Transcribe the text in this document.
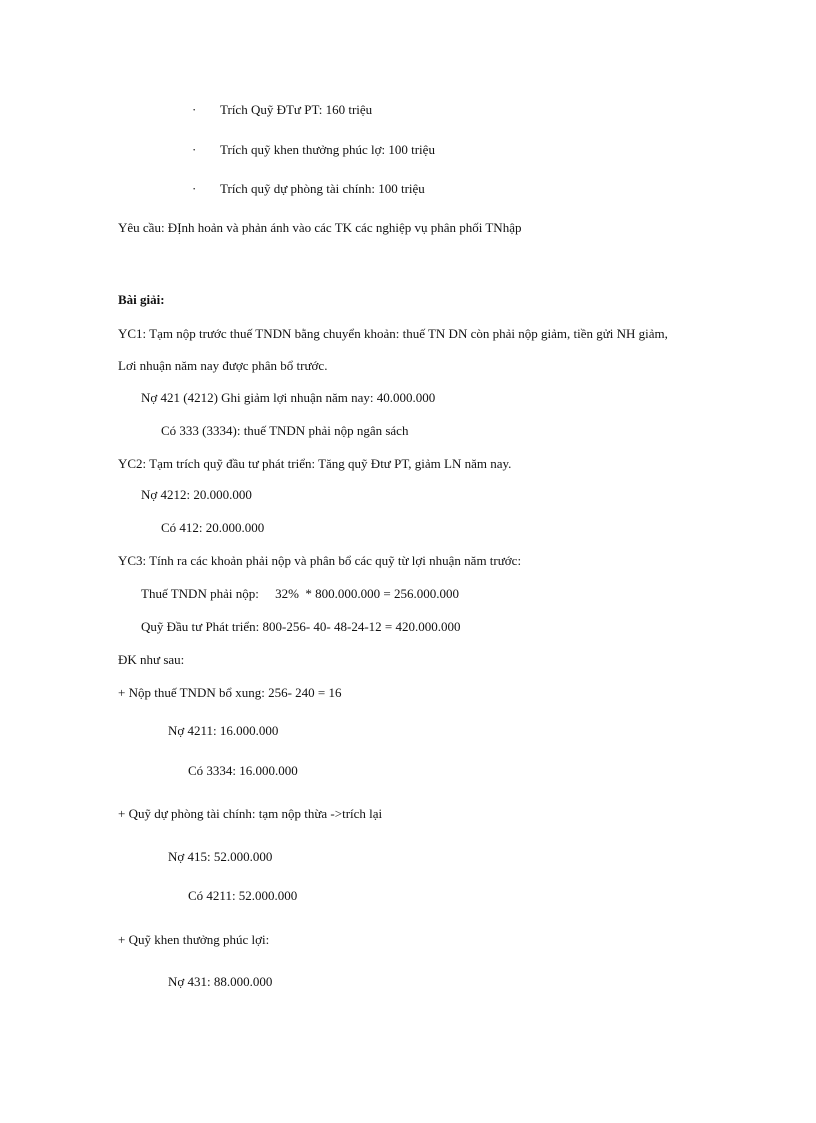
· Trích Quỹ ĐTư PT: 160 triệu
· Trích quỹ khen thưởng phúc lợ: 100 triệu
· Trích quỹ dự phòng tài chính: 100 triệu
Yêu cầu: ĐỊnh hoản và phản ánh vào các TK các nghiệp vụ phân phối TNhập
Bài giải:
YC1: Tạm nộp trước thuế TNDN bằng chuyển khoản: thuế TN DN còn phải nộp giảm, tiền gửi NH giảm,
Lơi nhuận năm nay được phân bổ trước.
Nợ 421 (4212) Ghi giảm lợi nhuận năm nay: 40.000.000
Có 333 (3334): thuế TNDN phải nộp ngân sách
YC2: Tạm trích quỹ đầu tư phát triển: Tăng quỹ Đtư PT, giảm LN năm nay.
Nợ 4212: 20.000.000
Có 412: 20.000.000
YC3: Tính ra các khoản phải nộp và phân bổ các quỹ từ lợi nhuận năm trước:
Thuế TNDN phải nộp:     32%  * 800.000.000 = 256.000.000
Quỹ Đầu tư Phát triển: 800-256- 40- 48-24-12 = 420.000.000
ĐK như sau:
+ Nộp thuế TNDN bổ xung: 256- 240 = 16
Nợ 4211: 16.000.000
Có 3334: 16.000.000
+ Quỹ dự phòng tài chính: tạm nộp thừa ->trích lại
Nợ 415: 52.000.000
Có 4211: 52.000.000
+ Quỹ khen thưởng phúc lợi:
Nợ 431: 88.000.000
